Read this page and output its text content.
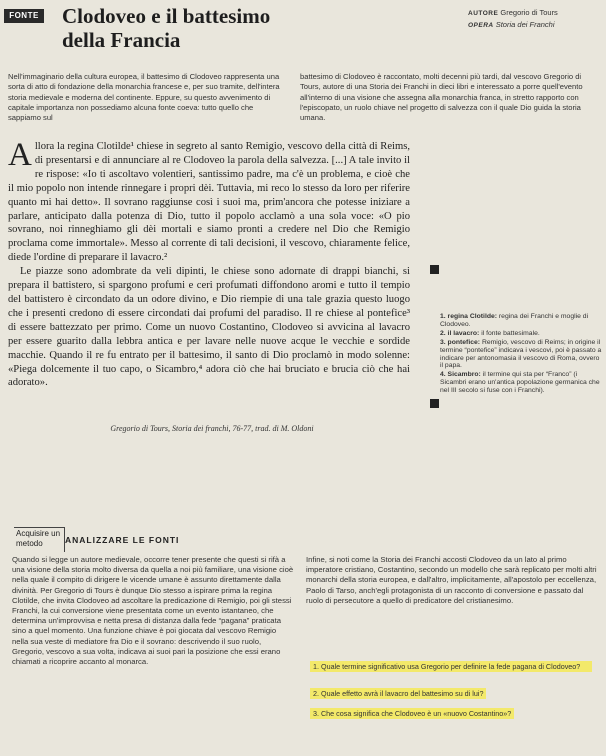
FONTE Clodoveo e il battesimo
della Francia
AUTORE Gregorio di Tours
OPERA Storia dei Franchi
Nell'immaginario della cultura europea, il battesimo di Clodoveo rappresenta una sorta di atto di fondazione della monarchia francese e, per suo tramite, dell'intera storia medievale e moderna del continente. Eppure, su questo avvenimento di capitale importanza non possediamo alcuna fonte coeva: tutto quello che sappiamo sul
battesimo di Clodoveo è raccontato, molti decenni più tardi, dal vescovo Gregorio di Tours, autore di una Storia dei Franchi in dieci libri e interessato a porre quell'evento all'interno di una visione che assegna alla monarchia franca, in stretto rapporto con l'episcopato, un ruolo chiave nel progetto di salvezza con il quale Dio guida la storia umana.

Allora la regina Clotilde¹ chiese in segreto al santo Remigio, vescovo della città di Reims, di presentarsi e di annunciare al re Clodoveo la parola della salvezza. [...] A tale invito il re rispose: «Io ti ascoltavo volentieri, santissimo padre, ma c'è un problema, e cioè che il mio popolo non intende rinnegare i propri dèi. Tuttavia, mi reco lo stesso da loro per riferire quanto mi hai detto». Il sovrano raggiunse così i suoi ma, prim'ancora che potesse iniziare a parlare, anticipato dalla potenza di Dio, tutto il popolo acclamò a una sola voce: «O pio sovrano, noi rinneghiamo gli dèi mortali e siamo pronti a credere nel Dio che Remigio proclama come immortale». Messo al corrente di tali decisioni, il vescovo, chiaramente felice, diede l'ordine di preparare il lavacro.²

Le piazze sono adombrate da veli dipinti, le chiese sono adornate di drappi bianchi, si prepara il battistero, si spargono profumi e ceri profumati diffondono aromi e tutto il tempio del battistero è circondato da un odore divino, e Dio riempie di una tale grazia questo luogo che i presenti credono di essere circondati dai profumi del paradiso. Il re chiese al pontefice³ di essere battezzato per primo. Come un nuovo Costantino, Clodoveo si avvicina al lavacro per essere guarito dalla lebbra antica e per lavare nelle nuove acque le vecchie e sordide macchie. Quando il re fu entrato per il battesimo, il santo di Dio proclamò in modo solenne: «Piega dolcemente il tuo capo, o Sicambro,⁴ adora ciò che hai bruciato e brucia ciò che hai adorato».

Gregorio di Tours, Storia dei franchi, 76-77, trad. di M. Oldoni
1. regina Clotilde: regina dei Franchi e moglie di Clodoveo.
2. il lavacro: il fonte battesimale.
3. pontefice: Remigio, vescovo di Reims; in origine il termine “pontefice” indicava i vescovi, poi è passato a indicare per antonomasia il vescovo di Roma, ovvero il papa.
4. Sicambro: il termine qui sta per “Franco” (i Sicambri erano un'antica popolazione germanica che nel III secolo si fuse con i Franchi).
Acquisire un metodo	ANALIZZARE LE FONTI
Quando si legge un autore medievale, occorre tener presente che questi si rifà a una visione della storia molto diversa da quella a noi più familiare, una visione cioè nella quale il compito di dirigere le vicende umane è assunto direttamente dalla divinità. Per Gregorio di Tours è dunque Dio stesso a ispirare prima la regina Clotilde, che invita Clodoveo ad ascoltare la predicazione di Remigio, poi gli stessi Franchi, la cui conversione viene presentata come un evento istantaneo, che determina un'improvvisa e netta presa di distanza dalla fede “pagana” praticata sino a quel momento. Una funzione chiave è poi giocata dal vescovo Remigio nella sua veste di mediatore fra Dio e il sovrano: descrivendo il suo ruolo, Gregorio, vescovo a sua volta, indicava ai suoi pari la posizione che essi erano chiamati a ricoprire accanto al monarca.
Infine, si noti come la Storia dei Franchi accosti Clodoveo da un lato al primo imperatore cristiano, Costantino, secondo un modello che sarà replicato per molti altri monarchi della storia europea, e dall'altro, implicitamente, all'apostolo per eccellenza, Paolo di Tarso, anch'egli protagonista di un racconto di conversione e passato dal ruolo di persecutore a quello di predicatore del cristianesimo.
1. Quale termine significativo usa Gregorio per definire la fede pagana di Clodoveo?
2. Quale effetto avrà il lavacro del battesimo su di lui?
3. Che cosa significa che Clodoveo è un «nuovo Costantino»?
